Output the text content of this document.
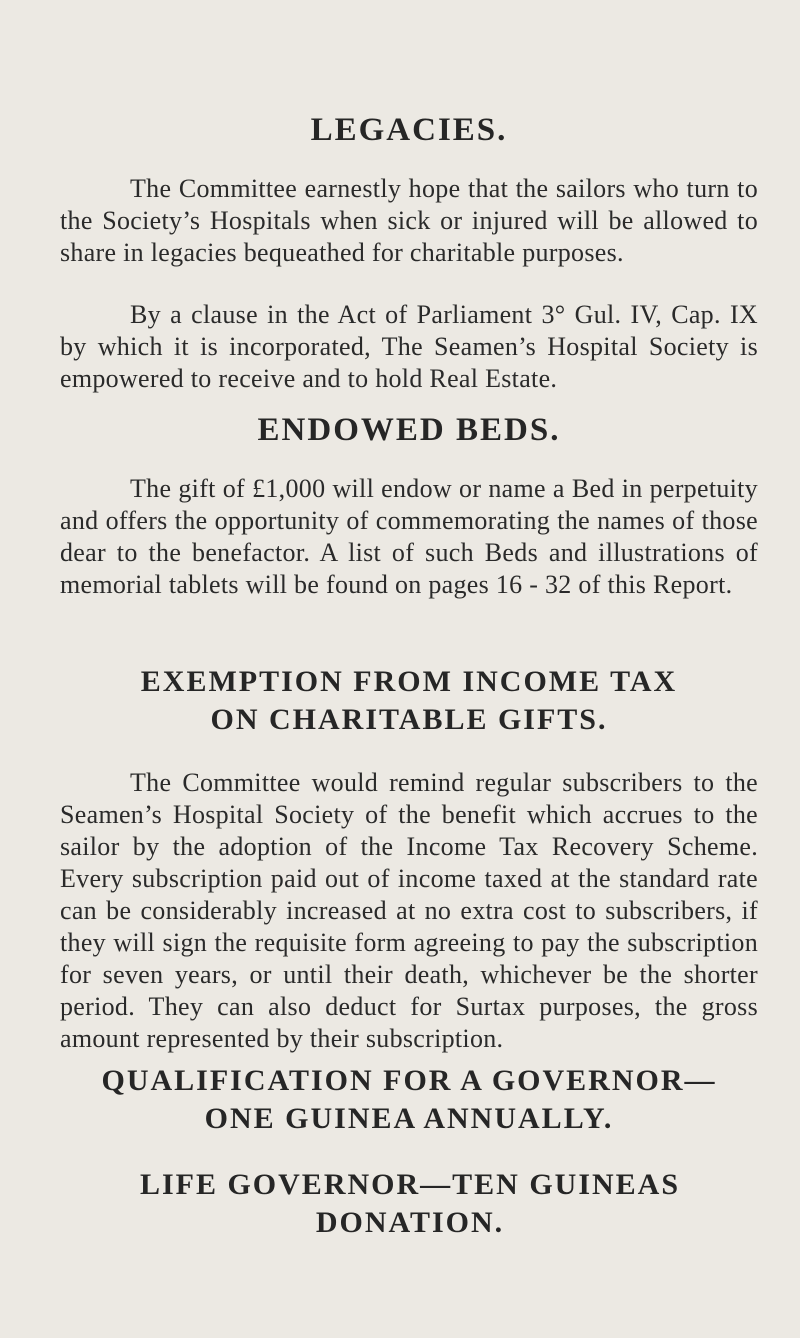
LEGACIES.

The Committee earnestly hope that the sailors who turn to the Society’s Hospitals when sick or injured will be allowed to share in legacies bequeathed for charitable purposes.

By a clause in the Act of Parliament 3° Gul. IV, Cap. IX by which it is incorporated, The Seamen’s Hospital Society is empowered to receive and to hold Real Estate.

ENDOWED BEDS.

The gift of £1,000 will endow or name a Bed in perpetuity and offers the opportunity of commemorating the names of those dear to the benefactor. A list of such Beds and illustrations of memorial tablets will be found on pages 16 - 32 of this Report.

EXEMPTION FROM INCOME TAX
ON CHARITABLE GIFTS.

The Committee would remind regular subscribers to the Seamen’s Hospital Society of the benefit which accrues to the sailor by the adoption of the Income Tax Recovery Scheme. Every subscription paid out of income taxed at the standard rate can be considerably increased at no extra cost to subscribers, if they will sign the requisite form agreeing to pay the subscription for seven years, or until their death, whichever be the shorter period. They can also deduct for Surtax purposes, the gross amount represented by their subscription.

QUALIFICATION FOR A GOVERNOR—
ONE GUINEA ANNUALLY.
LIFE GOVERNOR—TEN GUINEAS DONATION.
